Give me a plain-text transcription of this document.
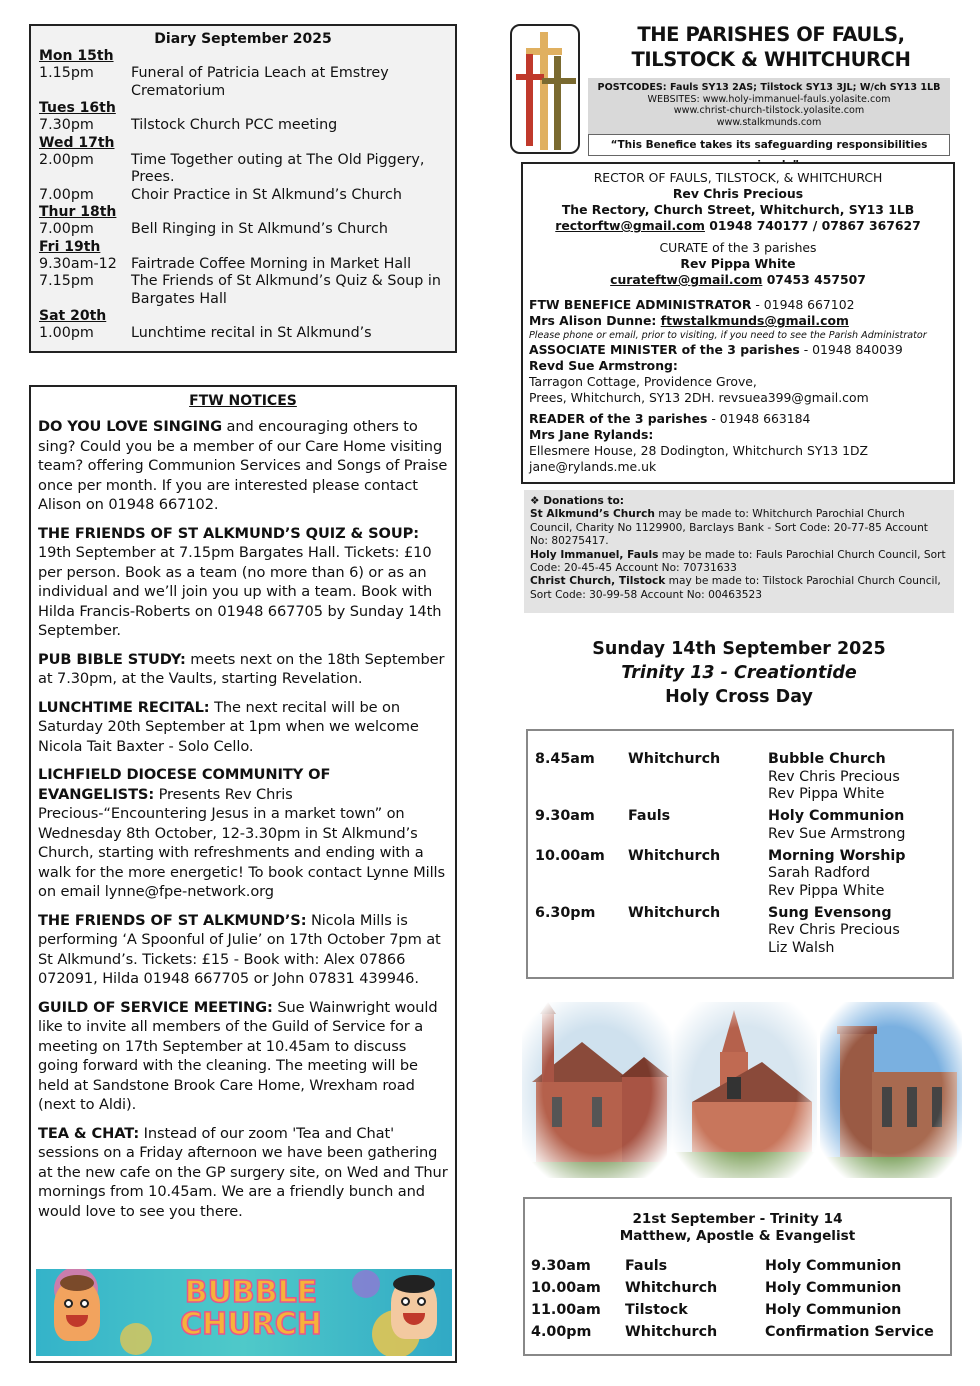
Diary September 2025
Mon 15th
1.15pm	Funeral of Patricia Leach at Emstrey Crematorium
Tues 16th
7.30pm	Tilstock Church PCC meeting
Wed 17th
2.00pm	Time Together outing at The Old Piggery, Prees.
7.00pm	Choir Practice in St Alkmund’s Church
Thur 18th
7.00pm	Bell Ringing in St Alkmund’s Church
Fri 19th
9.30am-12 Fairtrade Coffee Morning in Market Hall
7.15pm	The Friends of St Alkmund’s Quiz & Soup in Bargates Hall
Sat 20th
1.00pm	Lunchtime recital in St Alkmund’s
FTW NOTICES

DO YOU LOVE SINGING and encouraging others to sing? Could you be a member of our Care Home visiting team? offering Communion Services and Songs of Praise once per month. If you are interested please contact Alison on 01948 667102.

THE FRIENDS OF ST ALKMUND’S QUIZ & SOUP: 19th September at 7.15pm Bargates Hall. Tickets: £10 per person. Book as a team (no more than 6) or as an individual and we’ll join you up with a team. Book with Hilda Francis-Roberts on 01948 667705 by Sunday 14th September.

PUB BIBLE STUDY: meets next on the 18th September at 7.30pm, at the Vaults, starting Revelation.

LUNCHTIME RECITAL: The next recital will be on Saturday 20th September at 1pm when we welcome Nicola Tait Baxter - Solo Cello.

LICHFIELD DIOCESE COMMUNITY OF EVANGELISTS: Presents Rev Chris Precious-“Encountering Jesus in a market town” on Wednesday 8th October, 12-3.30pm in St Alkmund’s Church, starting with refreshments and ending with a walk for the more energetic! To book contact Lynne Mills on email lynne@fpe-network.org

THE FRIENDS OF ST ALKMUND’S: Nicola Mills is performing ‘A Spoonful of Julie’ on 17th October 7pm at St Alkmund’s. Tickets: £15 - Book with: Alex 07866 072091, Hilda 01948 667705 or John 07831 439946.

GUILD OF SERVICE MEETING: Sue Wainwright would like to invite all members of the Guild of Service for a meeting on 17th September at 10.45am to discuss going forward with the cleaning. The meeting will be held at Sandstone Brook Care Home, Wrexham road (next to Aldi).

TEA & CHAT: Instead of our zoom 'Tea and Chat' sessions on a Friday afternoon we have been gathering at the new cafe on the GP surgery site, on Wed and Thur mornings from 10.45am. We are a friendly bunch and would love to see you there.

BUBBLE
CHURCH
THE PARISHES OF FAULS,
TILSTOCK & WHITCHURCH
POSTCODES: Fauls SY13 2AS; Tilstock SY13 3JL; W/ch SY13 1LB
WEBSITES: www.holy-immanuel-fauls.yolasite.com
www.christ-church-tilstock.yolasite.com
www.stalkmunds.com
“This Benefice takes its safeguarding responsibilities
RECTOR OF FAULS, TILSTOCK, & WHITCHURCH
Rev Chris Precious
The Rectory, Church Street, Whitchurch, SY13 1LB
rectorftw@gmail.com 01948 740177 / 07867 367627
CURATE of the 3 parishes
Rev Pippa White
curateftw@gmail.com 07453 457507
FTW BENEFICE ADMINISTRATOR - 01948 667102
Mrs Alison Dunne: ftwstalkmunds@gmail.com
Please phone or email, prior to visiting, if you need to see the Parish Administrator
ASSOCIATE MINISTER of the 3 parishes - 01948 840039
Revd Sue Armstrong:
Tarragon Cottage, Providence Grove,
Prees, Whitchurch, SY13 2DH. revsuea399@gmail.com
READER of the 3 parishes - 01948 663184
Mrs Jane Rylands:
Ellesmere House, 28 Dodington, Whitchurch SY13 1DZ
jane@rylands.me.uk
❖ Donations to:
St Alkmund’s Church may be made to: Whitchurch Parochial Church Council, Charity No 1129900, Barclays Bank - Sort Code: 20-77-85 Account No: 80275417.
Holy Immanuel, Fauls may be made to: Fauls Parochial Church Council, Sort Code: 20-45-45 Account No: 70731633
Christ Church, Tilstock may be made to: Tilstock Parochial Church Council, Sort Code: 30-99-58 Account No: 00463523
Sunday 14th September 2025
Trinity 13 - Creationtide
Holy Cross Day
8.45am	Whitchurch	Bubble Church
Rev Chris Precious
Rev Pippa White
9.30am	Fauls	Holy Communion
Rev Sue Armstrong
10.00am	Whitchurch	Morning Worship
Sarah Radford
Rev Pippa White
6.30pm	Whitchurch	Sung Evensong
Rev Chris Precious
Liz Walsh
21st September - Trinity 14
Matthew, Apostle & Evangelist
9.30am	Fauls	Holy Communion
10.00am	Whitchurch	Holy Communion
11.00am	Tilstock	Holy Communion
4.00pm	Whitchurch	Confirmation Service
